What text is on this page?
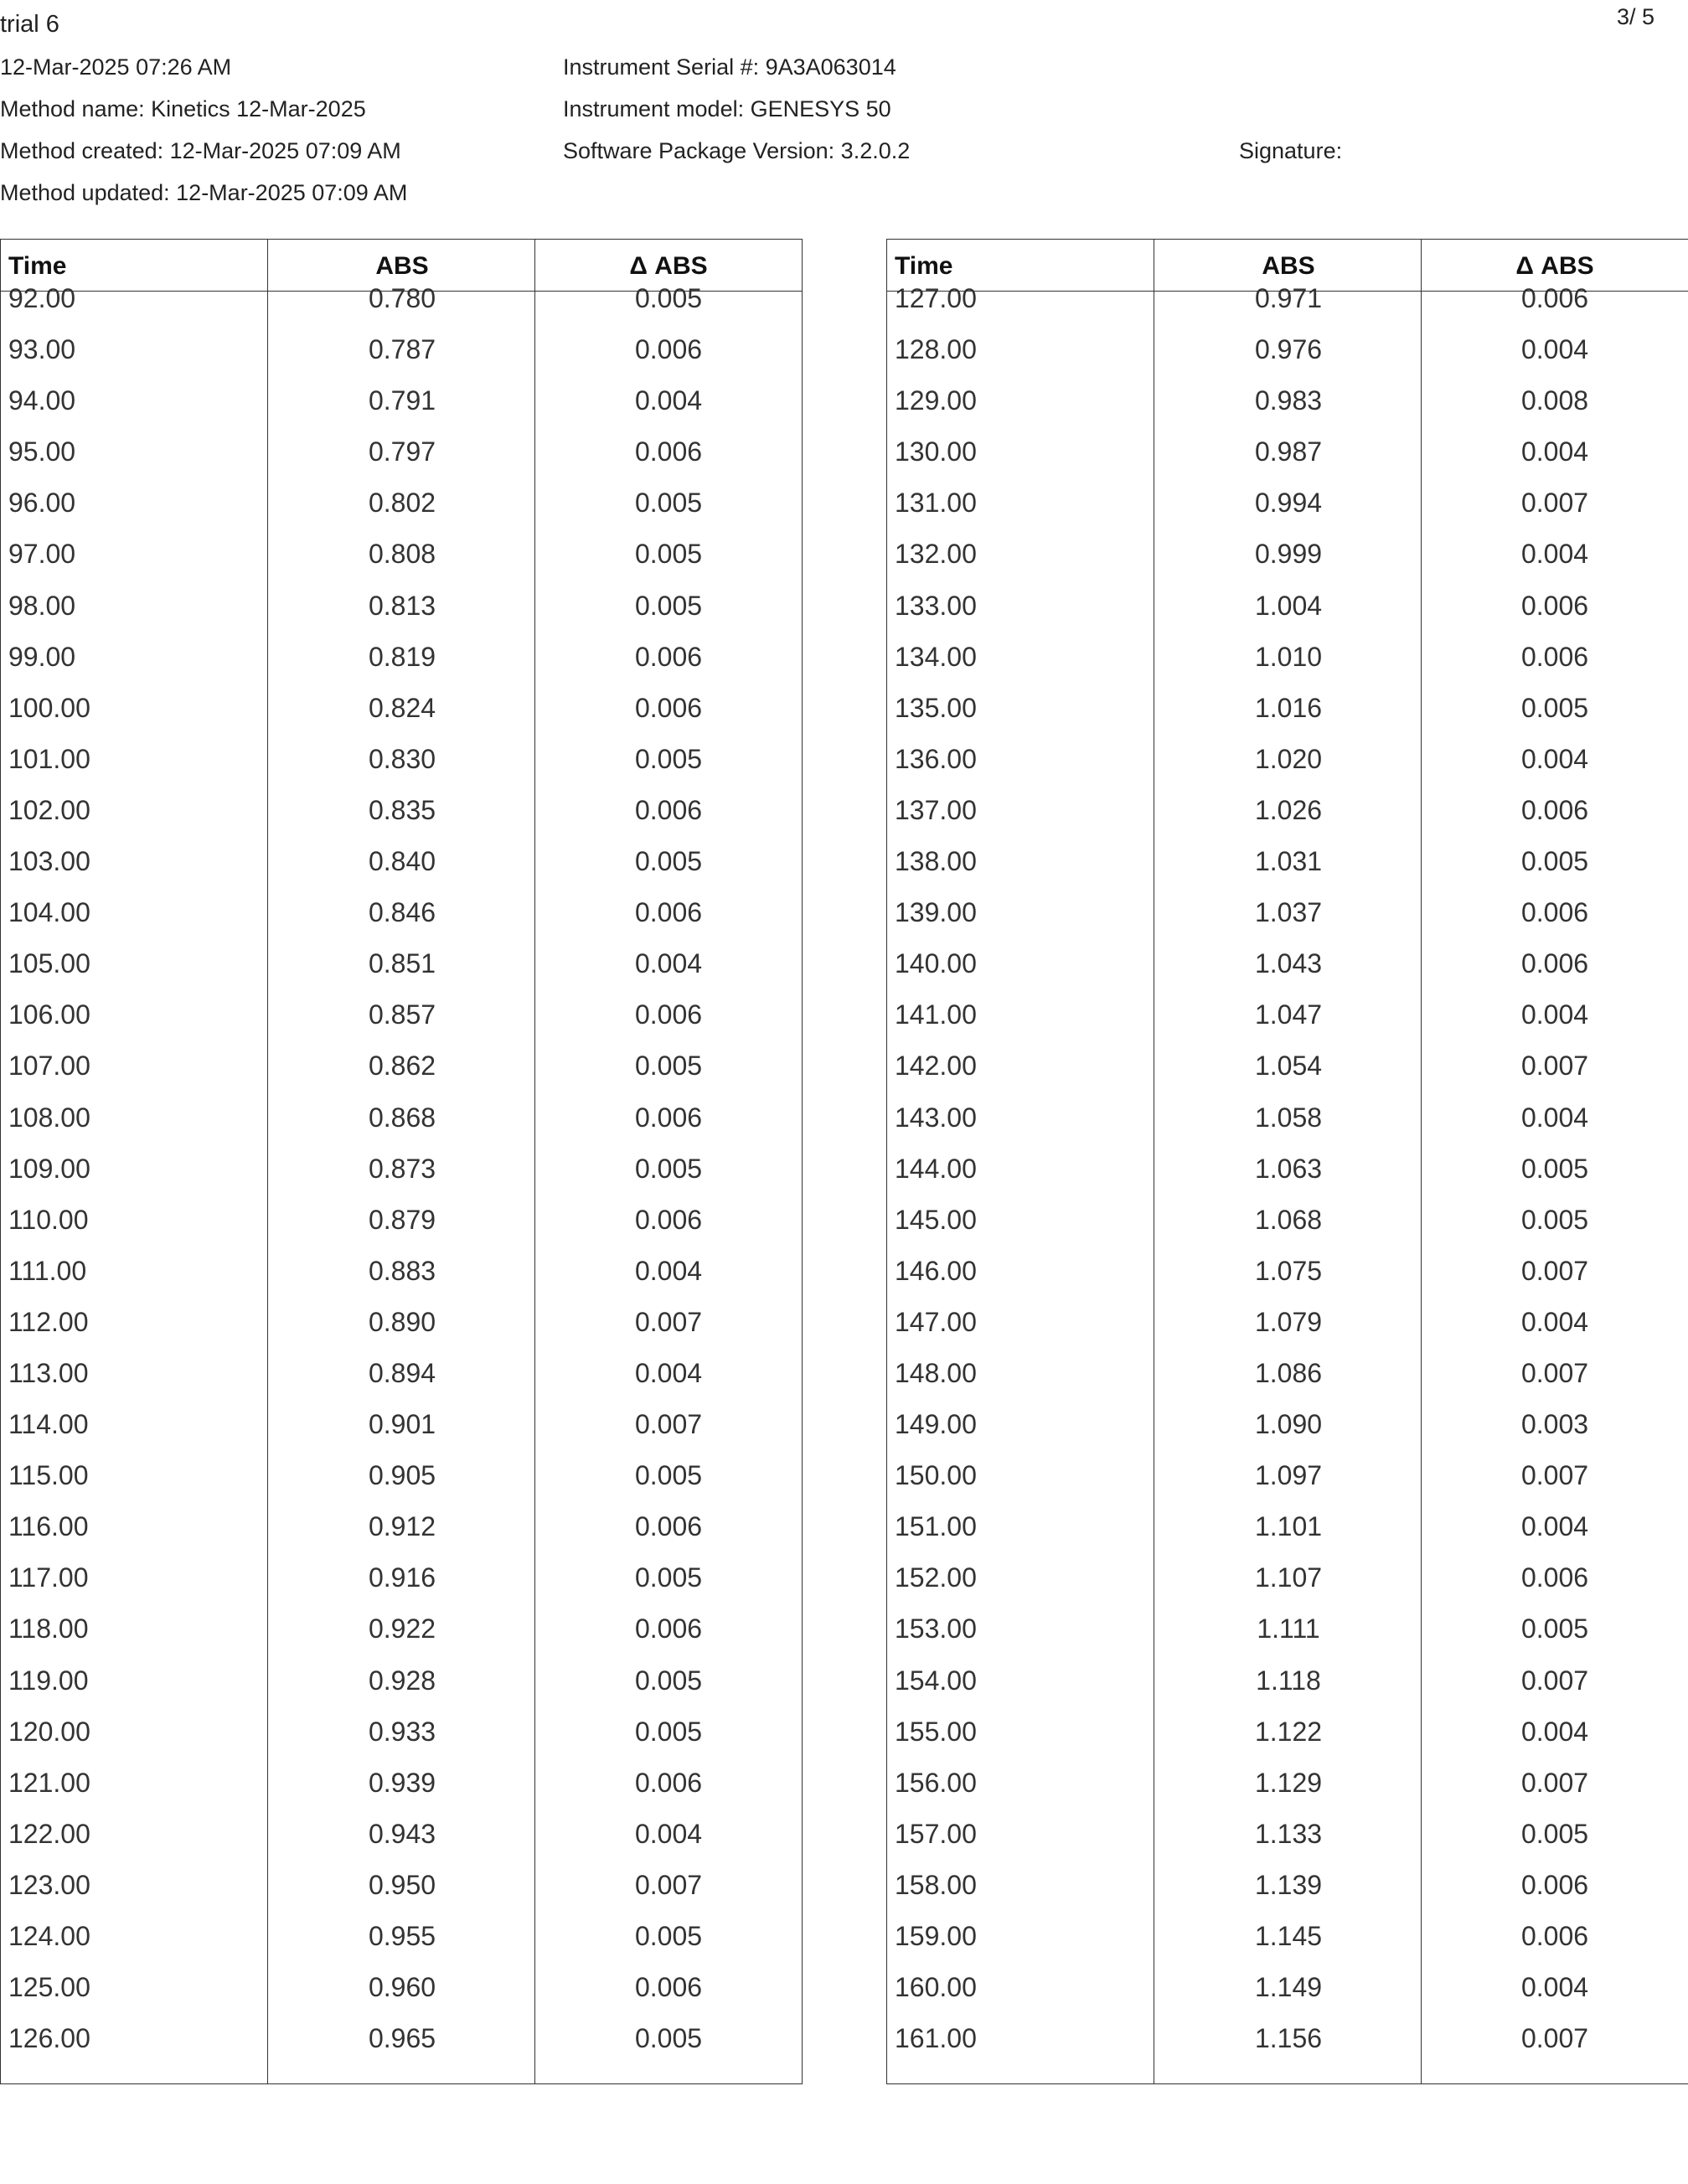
trial 6	3/ 5
12-Mar-2025 07:26 AM
Method name: Kinetics 12-Mar-2025
Method created: 12-Mar-2025 07:09 AM
Method updated: 12-Mar-2025 07:09 AM
Instrument Serial #: 9A3A063014
Instrument model: GENESYS 50
Software Package Version: 3.2.0.2	Signature:
Time	ABS	Δ ABS
92.00	0.780	0.005
93.00	0.787	0.006
94.00	0.791	0.004
95.00	0.797	0.006
96.00	0.802	0.005
97.00	0.808	0.005
98.00	0.813	0.005
99.00	0.819	0.006
100.00	0.824	0.006
101.00	0.830	0.005
102.00	0.835	0.006
103.00	0.840	0.005
104.00	0.846	0.006
105.00	0.851	0.004
106.00	0.857	0.006
107.00	0.862	0.005
108.00	0.868	0.006
109.00	0.873	0.005
110.00	0.879	0.006
111.00	0.883	0.004
112.00	0.890	0.007
113.00	0.894	0.004
114.00	0.901	0.007
115.00	0.905	0.005
116.00	0.912	0.006
117.00	0.916	0.005
118.00	0.922	0.006
119.00	0.928	0.005
120.00	0.933	0.005
121.00	0.939	0.006
122.00	0.943	0.004
123.00	0.950	0.007
124.00	0.955	0.005
125.00	0.960	0.006
126.00	0.965	0.005
Time	ABS	Δ ABS
127.00	0.971	0.006
128.00	0.976	0.004
129.00	0.983	0.008
130.00	0.987	0.004
131.00	0.994	0.007
132.00	0.999	0.004
133.00	1.004	0.006
134.00	1.010	0.006
135.00	1.016	0.005
136.00	1.020	0.004
137.00	1.026	0.006
138.00	1.031	0.005
139.00	1.037	0.006
140.00	1.043	0.006
141.00	1.047	0.004
142.00	1.054	0.007
143.00	1.058	0.004
144.00	1.063	0.005
145.00	1.068	0.005
146.00	1.075	0.007
147.00	1.079	0.004
148.00	1.086	0.007
149.00	1.090	0.003
150.00	1.097	0.007
151.00	1.101	0.004
152.00	1.107	0.006
153.00	1.111	0.005
154.00	1.118	0.007
155.00	1.122	0.004
156.00	1.129	0.007
157.00	1.133	0.005
158.00	1.139	0.006
159.00	1.145	0.006
160.00	1.149	0.004
161.00	1.156	0.007
